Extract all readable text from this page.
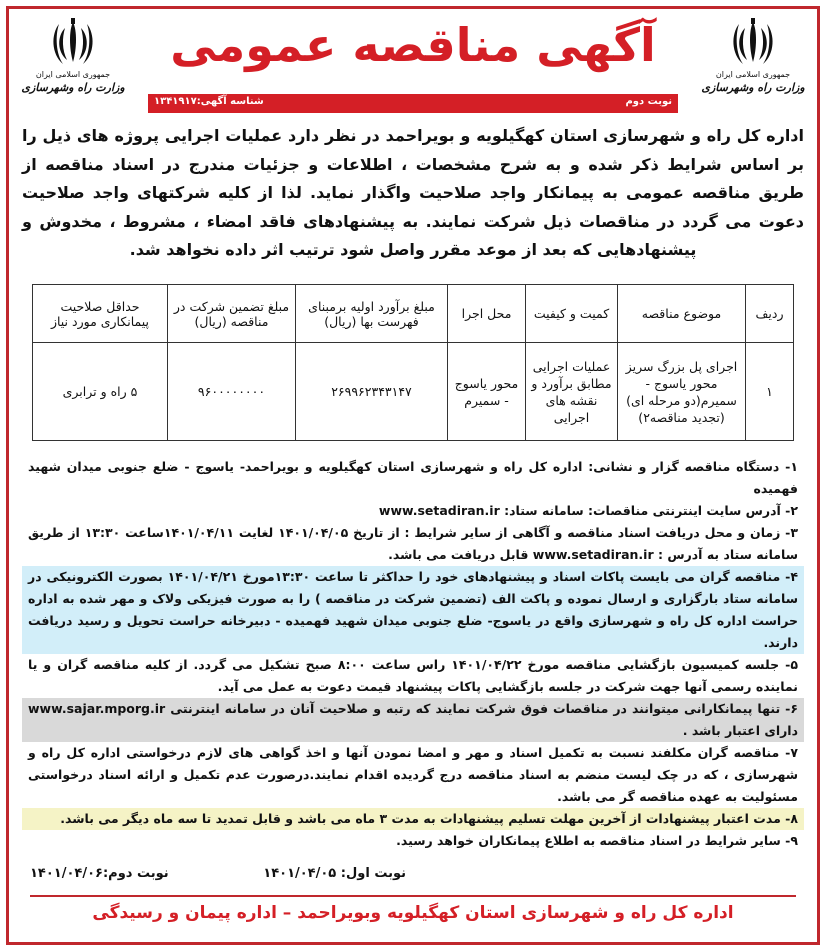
جمهوری اسلامی ایران
وزارت راه وشهرسازی
جمهوری اسلامی ایران
وزارت راه وشهرسازی
آگهی مناقصه عمومی
نوبت دوم
شناسه آگهی:۱۳۴۱۹۱۷
اداره کل راه و شهرسازی استان کهگیلویه و بویراحمد در نظر دارد عملیات اجرایی پروژه های ذیل را بر اساس شرایط ذکر شده و به شرح مشخصات ، اطلاعات و جزئیات مندرج در اسناد مناقصه از طریق مناقصه عمومی به پیمانکار واجد صلاحیت واگذار نماید. لذا از کلیه شرکتهای واجد صلاحیت دعوت می گردد در مناقصات ذیل شرکت نمایند. به پیشنهادهای فاقد امضاء ، مشروط ، مخدوش و پیشنهادهایی که بعد از موعد مقرر واصل شود ترتیب اثر داده نخواهد شد.
ردیف	موضوع مناقصه	کمیت و کیفیت	محل اجرا	مبلغ برآورد اولیه برمبنای فهرست بها (ریال)	مبلغ تضمین شرکت در مناقصه (ریال)	حداقل صلاحیت پیمانکاری مورد نیاز
۱	اجرای پل بزرگ سریز محور یاسوج - سمیرم(دو مرحله ای) (تجدید مناقصه۲)	عملیات اجرایی مطابق برآورد و نقشه های اجرایی	محور یاسوج - سمیرم	۲۶۹۹۶۲۳۴۳۱۴۷	۹۶۰۰۰۰۰۰۰۰	۵ راه و ترابری
۱- دستگاه مناقصه گزار و نشانی: اداره کل راه و شهرسازی استان کهگیلویه و بویراحمد- یاسوج - ضلع جنوبی میدان شهید فهمیده
۲- آدرس سایت اینترنتی مناقصات: سامانه ستاد: www.setadiran.ir
۳- زمان و محل دریافت اسناد مناقصه و آگاهی از سایر شرایط : از تاریخ ۱۴۰۱/۰۴/۰۵ لغایت ۱۴۰۱/۰۴/۱۱ساعت ۱۳:۳۰ از طریق سامانه ستاد به آدرس : www.setadiran.ir قابل دریافت می باشد.
۴- مناقصه گران می بایست پاکات اسناد و پیشنهادهای خود را حداکثر تا ساعت ۱۳:۳۰مورخ ۱۴۰۱/۰۴/۲۱ بصورت الکترونیکی در سامانه ستاد بارگزاری و ارسال نموده و پاکت الف (تضمین شرکت در مناقصه ) را به صورت فیزیکی ولاک و مهر شده به اداره حراست اداره کل راه و شهرسازی واقع در یاسوج- ضلع جنوبی میدان شهید فهمیده - دبیرخانه حراست تحویل و رسید دریافت دارند.
۵- جلسه کمیسیون بازگشایی مناقصه مورخ ۱۴۰۱/۰۴/۲۲ راس ساعت ۸:۰۰ صبح تشکیل می گردد. از کلیه مناقصه گران و یا نماینده رسمی آنها جهت شرکت در جلسه بازگشایی پاکات پیشنهاد قیمت دعوت به عمل می آید.
۶- تنها پیمانکارانی میتوانند در مناقصات فوق شرکت نمایند که رتبه و صلاحیت آنان در سامانه اینترنتی www.sajar.mporg.ir دارای اعتبار باشد .
۷- مناقصه گران مکلفند نسبت به تکمیل اسناد و مهر و امضا نمودن آنها و اخذ گواهی های لازم درخواستی اداره کل راه و شهرسازی ، که در چک لیست منضم به اسناد مناقصه درج گردیده اقدام نمایند.درصورت عدم تکمیل و ارائه اسناد درخواستی مسئولیت به عهده مناقصه گر می باشد.
۸- مدت اعتبار پیشنهادات از آخرین مهلت تسلیم پیشنهادات به مدت ۳ ماه می باشد و قابل تمدید تا سه ماه دیگر می باشد.
۹- سایر شرایط در اسناد مناقصه به اطلاع پیمانکاران خواهد رسید.
نوبت اول: ۱۴۰۱/۰۴/۰۵
نوبت دوم:۱۴۰۱/۰۴/۰۶
اداره کل راه و شهرسازی استان کهگیلویه وبویراحمد – اداره پیمان و رسیدگی
